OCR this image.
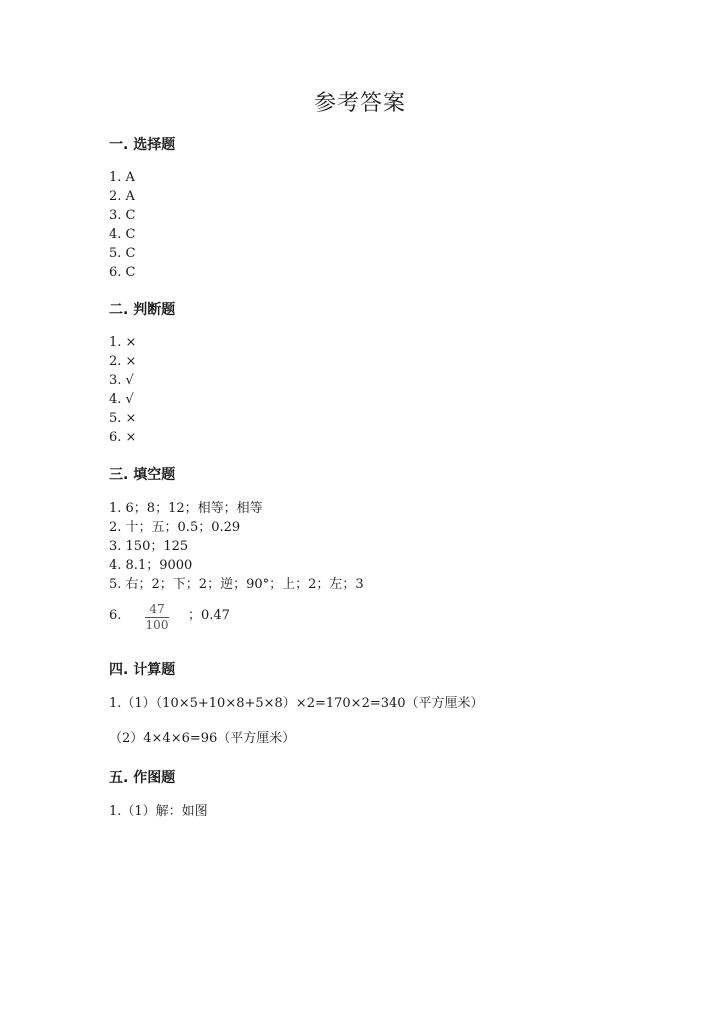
参考答案
一. 选择题
1. A
2. A
3. C
4. C
5. C
6. C
二. 判断题
1. ×
2. ×
3. √
4. √
5. ×
6. ×
三. 填空题
1. 6；8；12；相等；相等
2. 十；五；0.5；0.29
3. 150；125
4. 8.1；9000
5. 右；2；下；2；逆；90°；上；2；左；3
6.	47
100
；0.47
四. 计算题
1.（1）（10×5+10×8+5×8）×2=170×2=340（平方厘米）
（2）4×4×6=96（平方厘米）
五. 作图题
1.（1）解：如图
